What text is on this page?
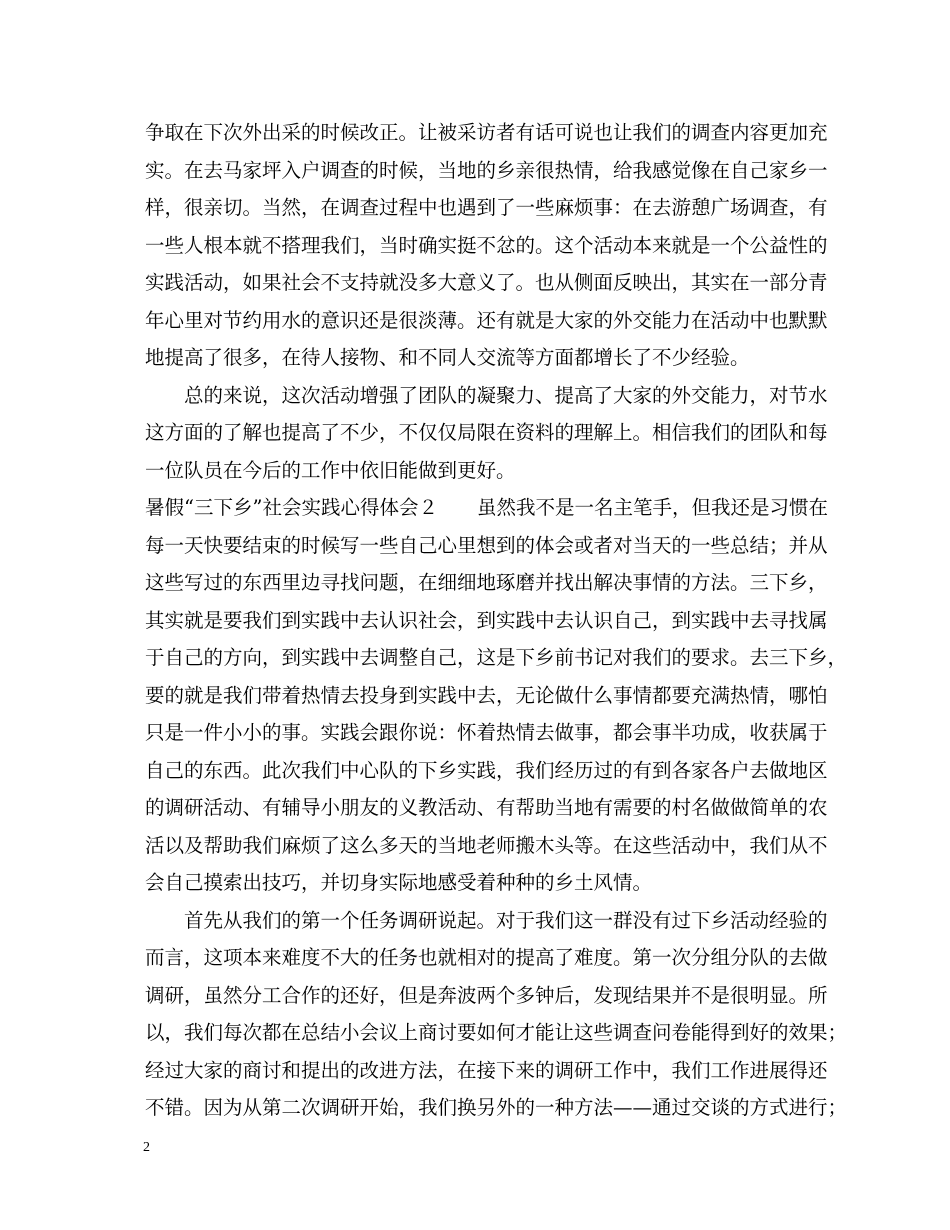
争取在下次外出采的时候改正。让被采访者有话可说也让我们的调查内容更加充
实。在去马家坪入户调查的时候，当地的乡亲很热情，给我感觉像在自己家乡一
样，很亲切。当然，在调查过程中也遇到了一些麻烦事：在去游憩广场调查，有
一些人根本就不搭理我们，当时确实挺不忿的。这个活动本来就是一个公益性的
实践活动，如果社会不支持就没多大意义了。也从侧面反映出，其实在一部分青
年心里对节约用水的意识还是很淡薄。还有就是大家的外交能力在活动中也默默
地提高了很多，在待人接物、和不同人交流等方面都增长了不少经验。
　　总的来说，这次活动增强了团队的凝聚力、提高了大家的外交能力，对节水
这方面的了解也提高了不少，不仅仅局限在资料的理解上。相信我们的团队和每
一位队员在今后的工作中依旧能做到更好。
暑假“三下乡”社会实践心得体会２　　虽然我不是一名主笔手，但我还是习惯在
每一天快要结束的时候写一些自己心里想到的体会或者对当天的一些总结；并从
这些写过的东西里边寻找问题，在细细地琢磨并找出解决事情的方法。三下乡，
其实就是要我们到实践中去认识社会，到实践中去认识自己，到实践中去寻找属
于自己的方向，到实践中去调整自己，这是下乡前书记对我们的要求。去三下乡，
要的就是我们带着热情去投身到实践中去，无论做什么事情都要充满热情，哪怕
只是一件小小的事。实践会跟你说：怀着热情去做事，都会事半功成，收获属于
自己的东西。此次我们中心队的下乡实践，我们经历过的有到各家各户去做地区
的调研活动、有辅导小朋友的义教活动、有帮助当地有需要的村名做做简单的农
活以及帮助我们麻烦了这么多天的当地老师搬木头等。在这些活动中，我们从不
会自己摸索出技巧，并切身实际地感受着种种的乡土风情。
　　首先从我们的第一个任务调研说起。对于我们这一群没有过下乡活动经验的
而言，这项本来难度不大的任务也就相对的提高了难度。第一次分组分队的去做
调研，虽然分工合作的还好，但是奔波两个多钟后，发现结果并不是很明显。所
以，我们每次都在总结小会议上商讨要如何才能让这些调查问卷能得到好的效果；
经过大家的商讨和提出的改进方法，在接下来的调研工作中，我们工作进展得还
不错。因为从第二次调研开始，我们换另外的一种方法——通过交谈的方式进行；
2
